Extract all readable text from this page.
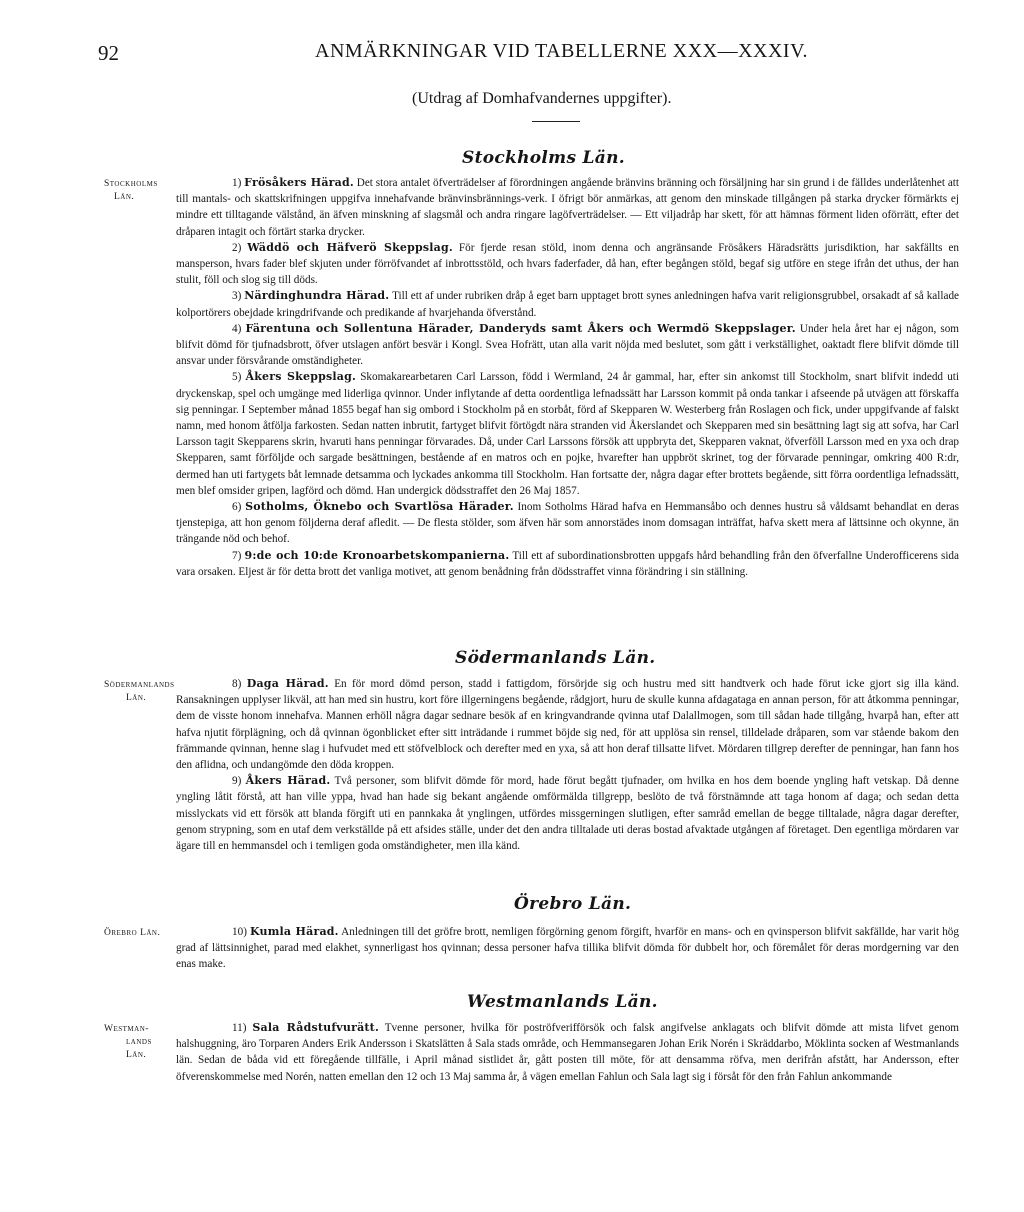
92	ANMÄRKNINGAR VID TABELLERNE XXX—XXXIV.
(Utdrag af Domhafvandernes uppgifter).
Stockholms Län.
Stockholms
Län.

1) Frösåkers Härad. Det stora antalet öfverträdelser af förordningen angående bränvins bränning och försäljning har sin grund i de fälldes underlåtenhet att till mantals- och skattskrifningen uppgifva innehafvande bränvinsbrännings-verk. I öfrigt bör anmärkas, att genom den minskade tillgången på starka drycker förmärkts ej mindre ett tilltagande välstånd, än äfven minskning af slagsmål och andra ringare lagöfverträdelser. — Ett viljadråp har skett, för att hämnas förment liden oförrätt, efter det dråparen intagit och förtärt starka drycker.

2) Wäddö och Häfverö Skeppslag. För fjerde resan stöld, inom denna och angränsande Frösåkers Häradsrätts jurisdiktion, har sakfällts en mansperson, hvars fader blef skjuten under förröfvandet af inbrottsstöld, och hvars faderfader, då han, efter begången stöld, begaf sig utföre en stege ifrån det uthus, der han stulit, föll och slog sig till döds.

3) Närdinghundra Härad. Till ett af under rubriken dråp å eget barn upptaget brott synes anledningen hafva varit religionsgrubbel, orsakadt af så kallade kolportörers obejdade kringdrifvande och predikande af hvarjehanda öfverstånd.

4) Färentuna och Sollentuna Härader, Danderyds samt Åkers och Wermdö Skeppslager. Under hela året har ej någon, som blifvit dömd för tjufnadsbrott, öfver utslagen anfört besvär i Kongl. Svea Hofrätt, utan alla varit nöjda med beslutet, som gått i verkställighet, oaktadt flere blifvit dömde till ansvar under försvårande omständigheter.

5) Åkers Skeppslag. Skomakarearbetaren Carl Larsson, född i Wermland, 24 år gammal, har, efter sin ankomst till Stockholm, snart blifvit indedd uti dryckenskap, spel och umgänge med liderliga qvinnor. Under inflytande af detta oordentliga lefnadssätt har Larsson kommit på onda tankar i afseende på utvägen att förskaffa sig penningar. I September månad 1855 begaf han sig ombord i Stockholm på en storbåt, förd af Skepparen W. Westerberg från Roslagen och fick, under uppgifvande af falskt namn, med honom åtfölja farkosten. Sedan natten inbrutit, fartyget blifvit förtögdt nära stranden vid Åkerslandet och Skepparen med sin besättning lagt sig att sofva, har Carl Larsson tagit Skepparens skrin, hvaruti hans penningar förvarades. Då, under Carl Larssons försök att uppbryta det, Skepparen vaknat, öfverföll Larsson med en yxa och drap Skepparen, samt förföljde och sargade besättningen, bestående af en matros och en pojke, hvarefter han uppbröt skrinet, tog der förvarade penningar, omkring 400 R:dr, dermed han uti fartygets båt lemnade detsamma och lyckades ankomma till Stockholm. Han fortsatte der, några dagar efter brottets begående, sitt förra oordentliga lefnadssätt, men blef omsider gripen, lagförd och dömd. Han undergick dödsstraffet den 26 Maj 1857.

6) Sotholms, Öknebo och Svartlösa Härader. Inom Sotholms Härad hafva en Hemmansåbo och dennes hustru så våldsamt behandlat en deras tjenstepiga, att hon genom följderna deraf afledit. — De flesta stölder, som äfven här som annorstädes inom domsagan inträffat, hafva skett mera af lättsinne och okynne, än trängande nöd och behof.

7) 9:de och 10:de Kronoarbetskompanierna. Till ett af subordinationsbrotten uppgafs hård behandling från den öfverfallne Underofficerens sida vara orsaken. Eljest är för detta brott det vanliga motivet, att genom benådning från dödsstraffet vinna förändring i sin ställning.

Södermanlands Län.
Södermanlands
Län.

8) Daga Härad. En för mord dömd person, stadd i fattigdom, försörjde sig och hustru med sitt handtverk och hade förut icke gjort sig illa känd. Ransakningen upplyser likväl, att han med sin hustru, kort före illgerningens begående, rådgjort, huru de skulle kunna afdagataga en annan person, för att åtkomma penningar, dem de visste honom innehafva. Mannen erhöll några dagar sednare besök af en kringvandrande qvinna utaf Dalallmogen, som till sådan hade tillgång, hvarpå han, efter att hafva njutit förplägning, och då qvinnan ögonblicket efter sitt inträdande i rummet böjde sig ned, för att upplösa sin rensel, tilldelade dråparen, som var stående bakom den främmande qvinnan, henne slag i hufvudet med ett stöfvelblock och derefter med en yxa, så att hon deraf tillsatte lifvet. Mördaren tillgrep derefter de penningar, han fann hos den aflidna, och undangömde den döda kroppen.

9) Åkers Härad. Två personer, som blifvit dömde för mord, hade förut begått tjufnader, om hvilka en hos dem boende yngling haft vetskap. Då denne yngling låtit förstå, att han ville yppa, hvad han hade sig bekant angående omförmälda tillgrepp, beslöto de två förstnämnde att taga honom af daga; och sedan detta misslyckats vid ett försök att blanda förgift uti en pannkaka åt ynglingen, utfördes missgerningen slutligen, efter samråd emellan de begge tilltalade, några dagar derefter, genom strypning, som en utaf dem verkställde på ett afsides ställe, under det den andra tilltalade uti deras bostad afvaktade utgången af företaget. Den egentliga mördaren var ägare till en hemmansdel och i temligen goda omständigheter, men illa känd.

Örebro Län.
Örebro Län.	10) Kumla Härad. Anledningen till det gröfre brott, nemligen förgörning genom förgift, hvarför en mans- och en qvinsperson blifvit sakfällde, har varit hög grad af lättsinnighet, parad med elakhet, synnerligast hos qvinnan; dessa personer hafva tillika blifvit dömda för dubbelt hor, och föremålet för deras mordgerning var den enas make.

Westmanlands Län.
Westman-
lands
Län.

11) Sala Rådstufvurätt. Tvenne personer, hvilka för poströfverifförsök och falsk angifvelse anklagats och blifvit dömde att mista lifvet genom halshuggning, äro Torparen Anders Erik Andersson i Skatslätten å Sala stads område, och Hemmansegaren Johan Erik Norén i Skräddarbo, Möklinta socken af Westmanlands län. Sedan de båda vid ett föregående tillfälle, i April månad sistlidet år, gått posten till möte, för att densamma röfva, men derifrån afstått, har Andersson, efter öfverenskommelse med Norén, natten emellan den 12 och 13 Maj samma år, å vägen emellan Fahlun och Sala lagt sig i försåt för den från Fahlun ankommande
